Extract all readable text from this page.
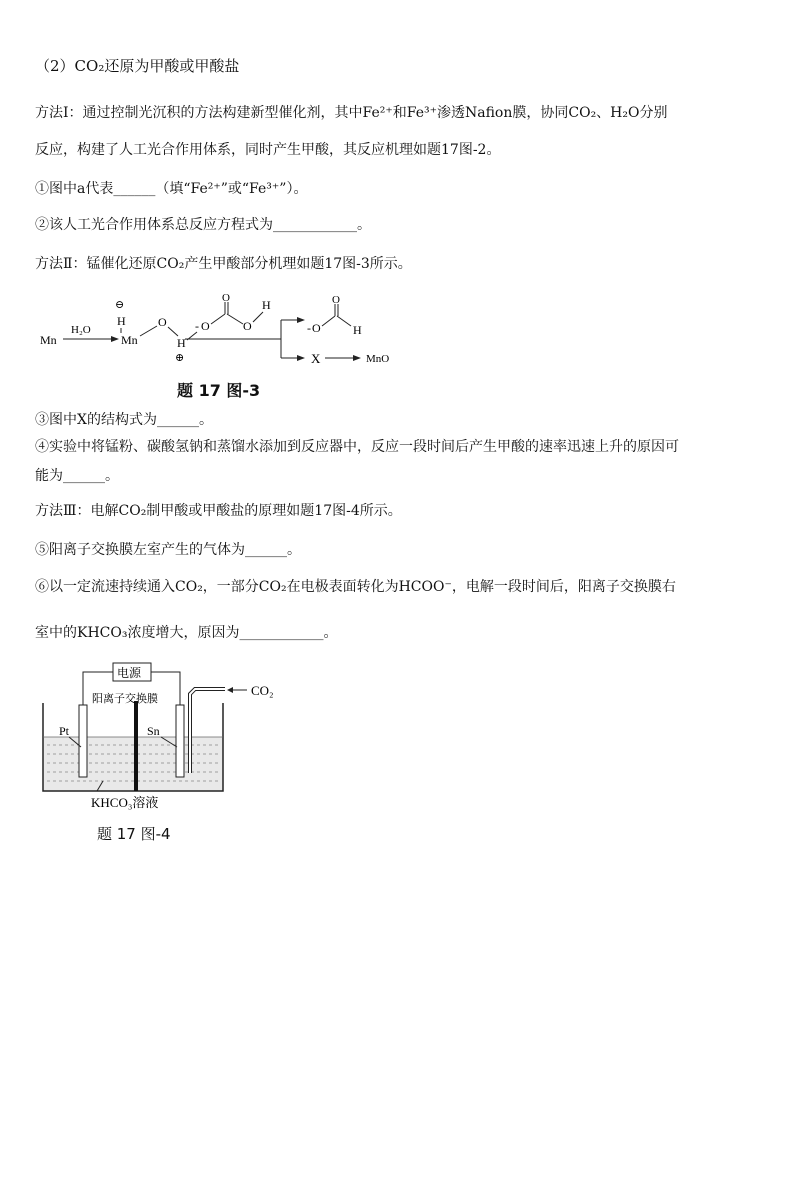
（2）CO₂还原为甲酸或甲酸盐
方法Ⅰ：通过控制光沉积的方法构建新型催化剂，其中Fe²⁺和Fe³⁺渗透Nafion膜，协同CO₂、H₂O分别
反应，构建了人工光合作用体系，同时产生甲酸，其反应机理如题17图-2。
①图中a代表______（填“Fe²⁺”或“Fe³⁺”）。
②该人工光合作用体系总反应方程式为____________。
方法Ⅱ：锰催化还原CO₂产生甲酸部分机理如题17图-3所示。
Mn
H₂O
⊖
H
Mn
O
H
⊕
- O
O
O
H
- O
O
H
X	MnO
题 17 图-3
③图中X的结构式为______。
④实验中将锰粉、碳酸氢钠和蒸馏水添加到反应器中，反应一段时间后产生甲酸的速率迅速上升的原因可
能为______。
方法Ⅲ：电解CO₂制甲酸或甲酸盐的原理如题17图-4所示。
⑤阳离子交换膜左室产生的气体为______。
⑥以一定流速持续通入CO₂，一部分CO₂在电极表面转化为HCOO⁻，电解一段时间后，阳离子交换膜右
室中的KHCO₃浓度增大，原因为____________。
电源
阳离子交换膜
CO₂
Pt	Sn
KHCO₃溶液
题 17 图-4
